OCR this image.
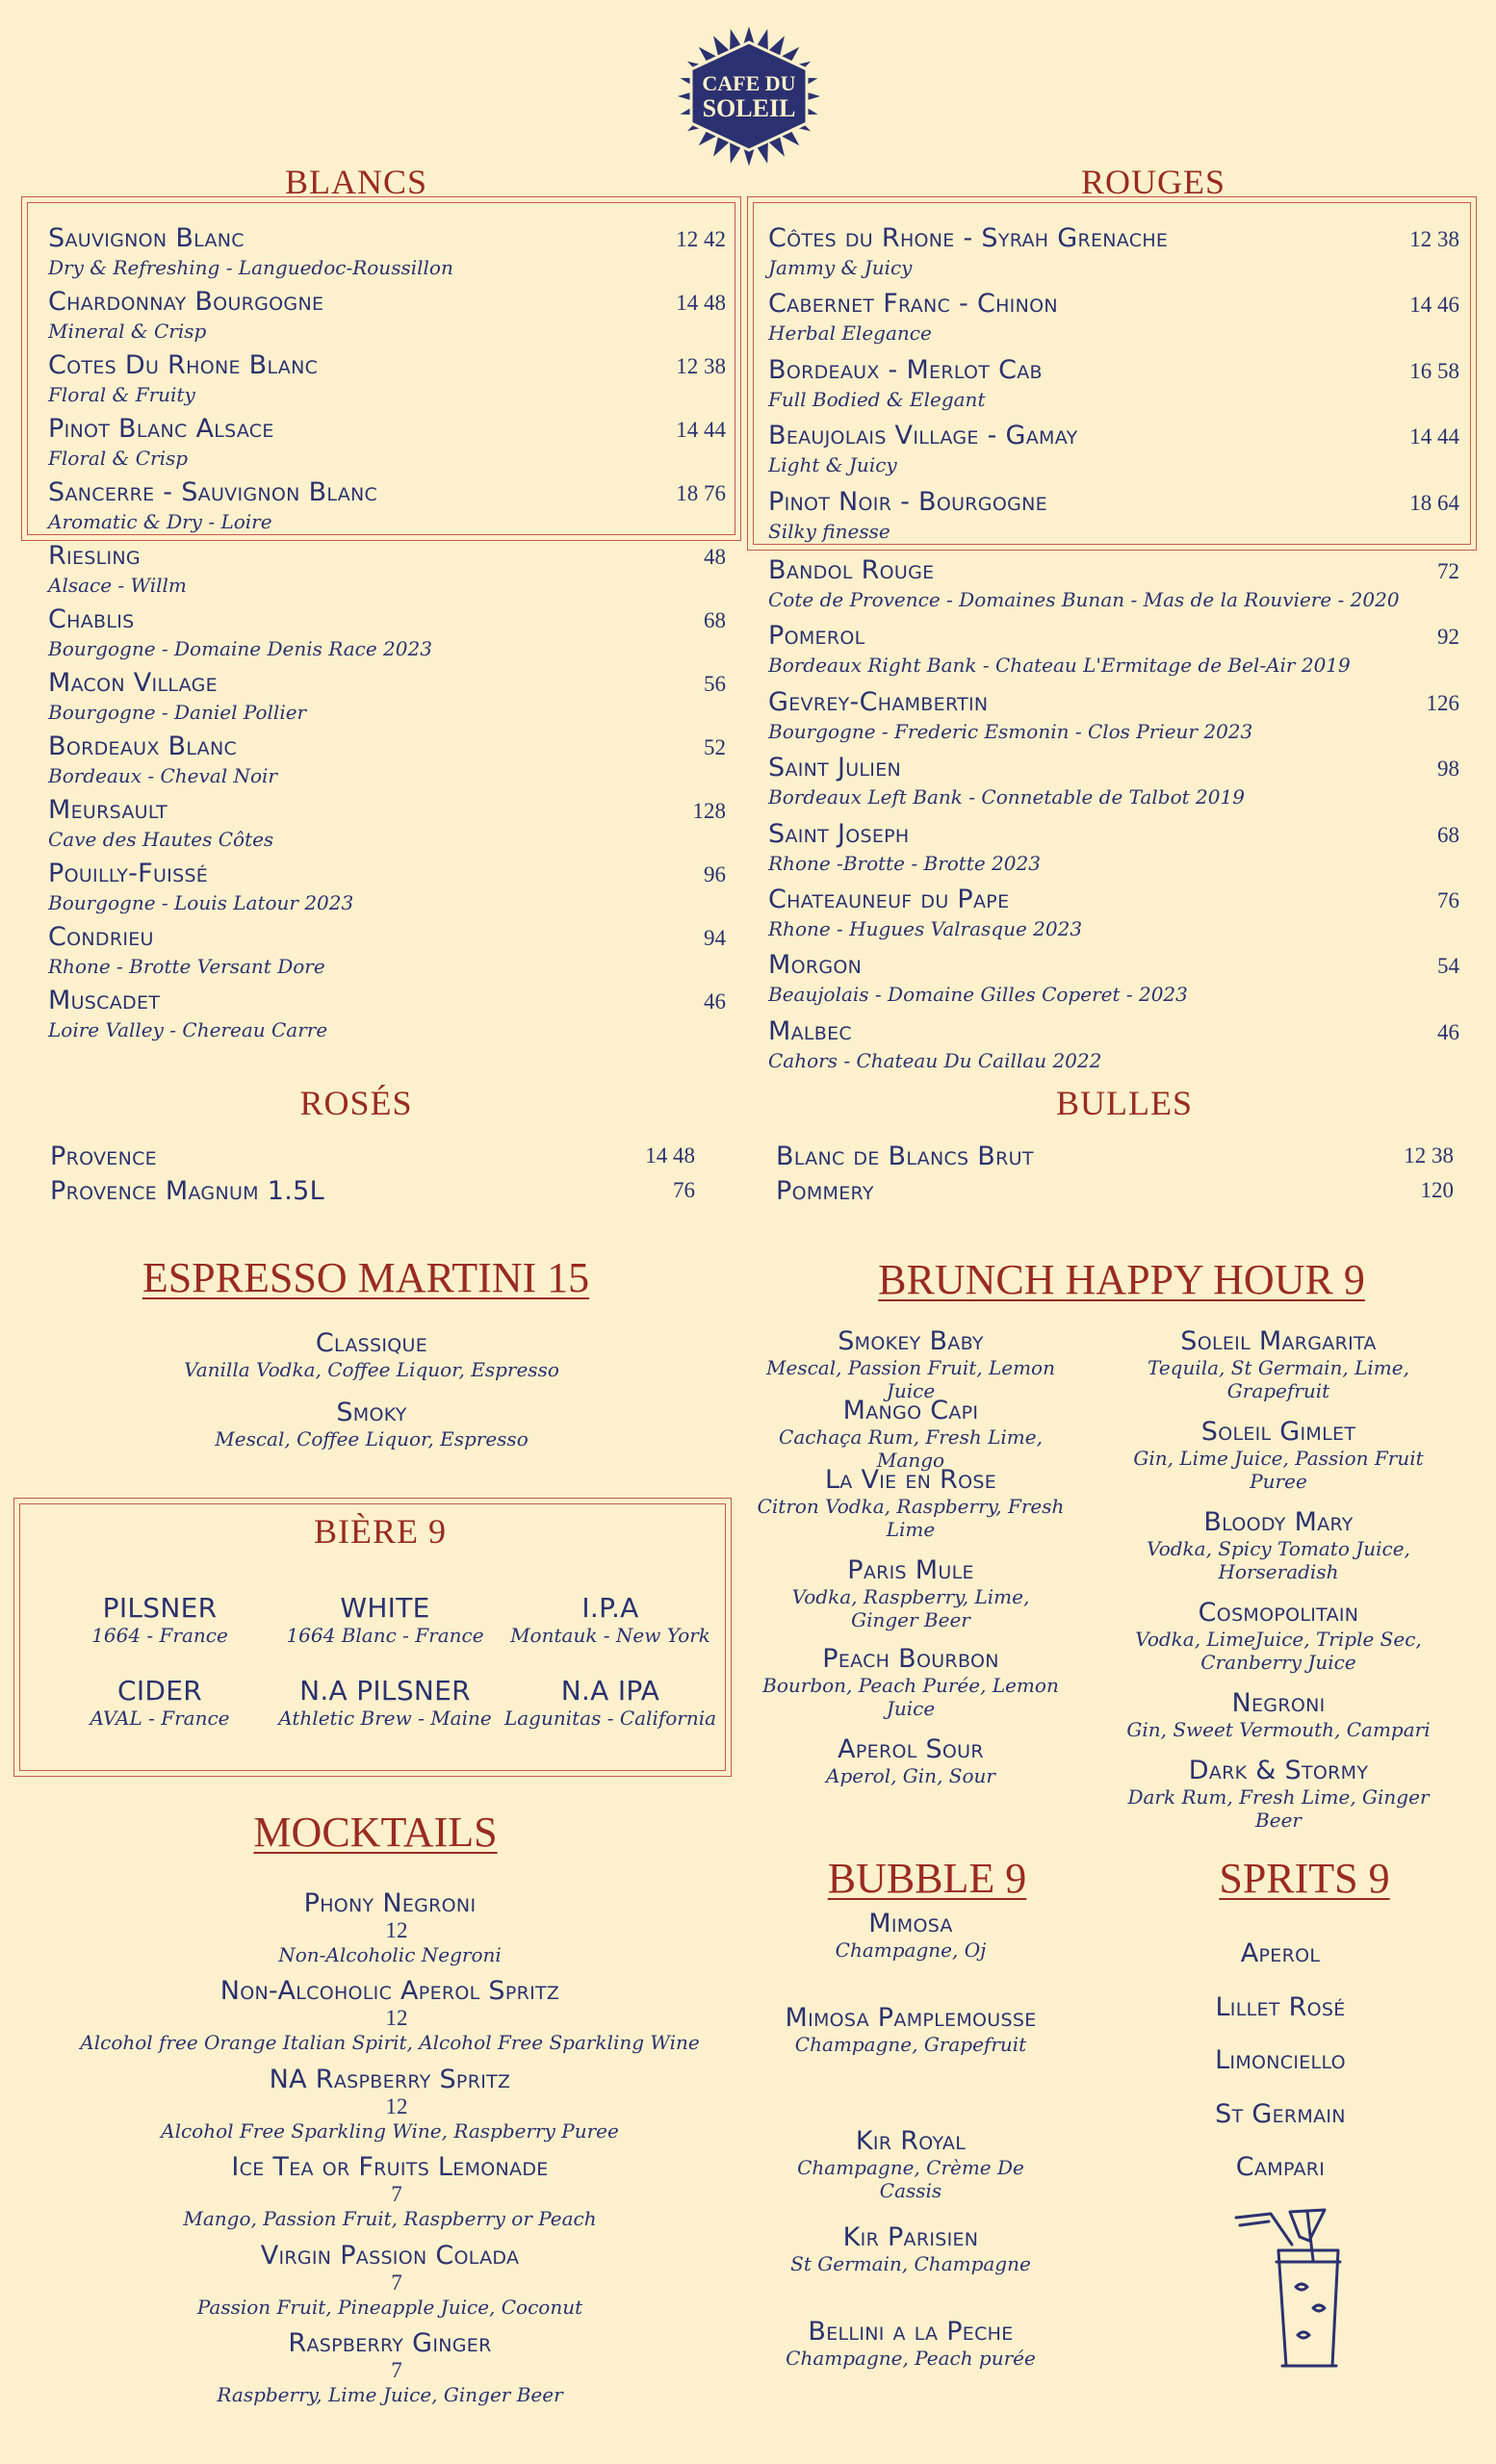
CAFE DU
SOLEIL
BLANCS
Sauvignon Blanc
Dry & Refreshing - Languedoc-Roussillon
12 42
Chardonnay Bourgogne
Mineral & Crisp
14 48
Cotes Du Rhone Blanc
Floral & Fruity
12 38
Pinot Blanc Alsace
Floral & Crisp
14 44
Sancerre - Sauvignon Blanc
Aromatic & Dry - Loire
18 76
Riesling
Alsace - Willm
48
Chablis
Bourgogne - Domaine Denis Race 2023
68
Macon Village
Bourgogne - Daniel Pollier
56
Bordeaux Blanc
Bordeaux - Cheval Noir
52
Meursault
Cave des Hautes Côtes
128
Pouilly-Fuissé
Bourgogne - Louis Latour 2023
96
Condrieu
Rhone - Brotte Versant Dore
94
Muscadet
Loire Valley - Chereau Carre
46
ROUGES
Côtes du Rhone - Syrah Grenache
Jammy & Juicy
12 38
Cabernet Franc - Chinon
Herbal Elegance
14 46
Bordeaux - Merlot Cab
Full Bodied & Elegant
16 58
Beaujolais Village - Gamay
Light & Juicy
14 44
Pinot Noir - Bourgogne
Silky finesse
18 64
Bandol Rouge
Cote de Provence - Domaines Bunan - Mas de la Rouviere - 2020
72
Pomerol
Bordeaux Right Bank - Chateau L'Ermitage de Bel-Air 2019
92
Gevrey-Chambertin
Bourgogne - Frederic Esmonin - Clos Prieur 2023
126
Saint Julien
Bordeaux Left Bank - Connetable de Talbot 2019
98
Saint Joseph
Rhone -Brotte - Brotte 2023
68
Chateauneuf du Pape
Rhone - Hugues Valrasque 2023
76
Morgon
Beaujolais - Domaine Gilles Coperet - 2023
54
Malbec
Cahors - Chateau Du Caillau 2022
46
ROSÉS
Provence	14 48
Provence Magnum 1.5L	76
BULLES
Blanc de Blancs Brut	12 38
Pommery	120
ESPRESSO MARTINI 15
Classique
Vanilla Vodka, Coffee Liquor, Espresso
Smoky
Mescal, Coffee Liquor, Espresso
BIÈRE 9
PILSNER
1664 - France
WHITE
1664 Blanc - France
I.P.A
Montauk - New York
CIDER
AVAL - France
N.A PILSNER
Athletic Brew - Maine
N.A IPA
Lagunitas - California
BRUNCH HAPPY HOUR 9
Smokey Baby
Mescal, Passion Fruit, Lemon Juice
Mango Capi
Cachaça Rum, Fresh Lime, Mango
La Vie en Rose
Citron Vodka, Raspberry, Fresh Lime
Paris Mule
Vodka, Raspberry, Lime, Ginger Beer
Peach Bourbon
Bourbon, Peach Purée, Lemon Juice
Aperol Sour
Aperol, Gin, Sour
Soleil Margarita
Tequila, St Germain, Lime, Grapefruit
Soleil Gimlet
Gin, Lime Juice, Passion Fruit Puree
Bloody Mary
Vodka, Spicy Tomato Juice, Horseradish
Cosmopolitain
Vodka, LimeJuice, Triple Sec, Cranberry Juice
Negroni
Gin, Sweet Vermouth, Campari
Dark & Stormy
Dark Rum, Fresh Lime, Ginger Beer
MOCKTAILS
Phony Negroni
12
Non-Alcoholic Negroni
Non-Alcoholic Aperol Spritz
12
Alcohol free Orange Italian Spirit, Alcohol Free Sparkling Wine
NA Raspberry Spritz
12
Alcohol Free Sparkling Wine, Raspberry Puree
Ice Tea or Fruits Lemonade
7
Mango, Passion Fruit, Raspberry or Peach
Virgin Passion Colada
7
Passion Fruit, Pineapple Juice, Coconut
Raspberry Ginger
7
Raspberry, Lime Juice, Ginger Beer
BUBBLE 9
Mimosa
Champagne, Oj
Mimosa Pamplemousse
Champagne, Grapefruit
Kir Royal
Champagne, Crème De Cassis
Kir Parisien
St Germain, Champagne
Bellini a la Peche
Champagne, Peach purée
SPRITS 9
Aperol
Lillet Rosé
Limonciello
St Germain
Campari
